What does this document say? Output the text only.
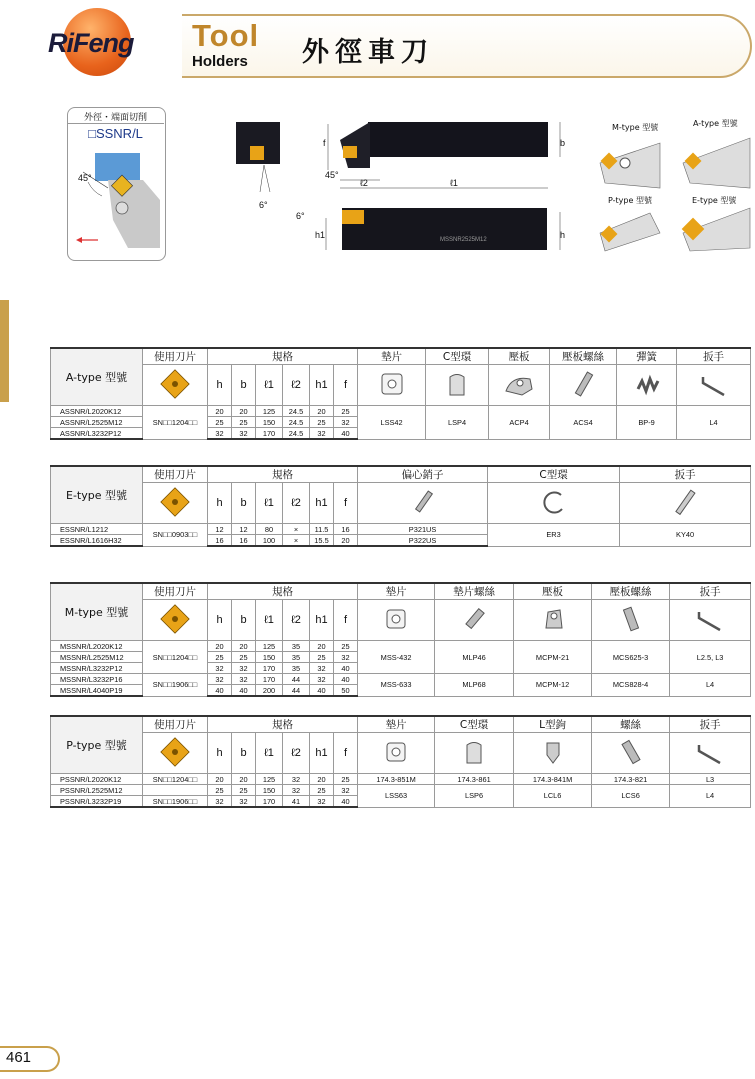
RiFeng Tool
Holders 外徑車刀
外徑・端面切削
□SSNR/L
45°
f	b
45°
ℓ2	ℓ1
6°
6°
h1	h
MSSNR2525M12
M-type 型號	A-type 型號
P-type 型號	E-type 型號
A-type 型號	使用刀片	規格						墊片	C型環	壓板	壓板螺絲	彈簧	扳手
	h	b	ℓ1	ℓ2	h1	f						
ASSNR/L2020K12	SN□□1204□□	20	20	125	24.5	20	25	LSS42	LSP4	ACP4	ACS4	BP-9	L4
ASSNR/L2525M12		25	25	150	24.5	25	32						
ASSNR/L3232P12		32	32	170	24.5	32	40						
E-type 型號	使用刀片	規格						偏心銷子	C型環	扳手
	h	b	ℓ1	ℓ2	h1	f			
ESSNR/L1212	SN□□0903□□	12	12	80	×	11.5	16	P321US	ER3	KY40
ESSNR/L1616H32		16	16	100	×	15.5	20	P322US		
M-type 型號	使用刀片	規格						墊片	墊片螺絲	壓板	壓板螺絲	扳手
	h	b	ℓ1	ℓ2	h1	f					
MSSNR/L2020K12	SN□□1204□□	20	20	125	35	20	25	MSS-432	MLP46	MCPM-21	MCS625-3	L2.5, L3
MSSNR/L2525M12		25	25	150	35	25	32					
MSSNR/L3232P12		32	32	170	35	32	40					
MSSNR/L3232P16	SN□□1906□□	32	32	170	44	32	40	MSS-633	MLP68	MCPM-12	MCS828-4	L4
MSSNR/L4040P19		40	40	200	44	40	50					
P-type 型號	使用刀片	規格						墊片	C型環	L型鉤	螺絲	扳手
	h	b	ℓ1	ℓ2	h1	f					
PSSNR/L2020K12	SN□□1204□□	20	20	125	32	20	25	174.3-851M	174.3-861	174.3-841M	174.3-821	L3
PSSNR/L2525M12		25	25	150	32	25	32	LSS63	LSP6	LCL6	LCS6	L4
PSSNR/L3232P19	SN□□1906□□	32	32	170	41	32	40					
461
